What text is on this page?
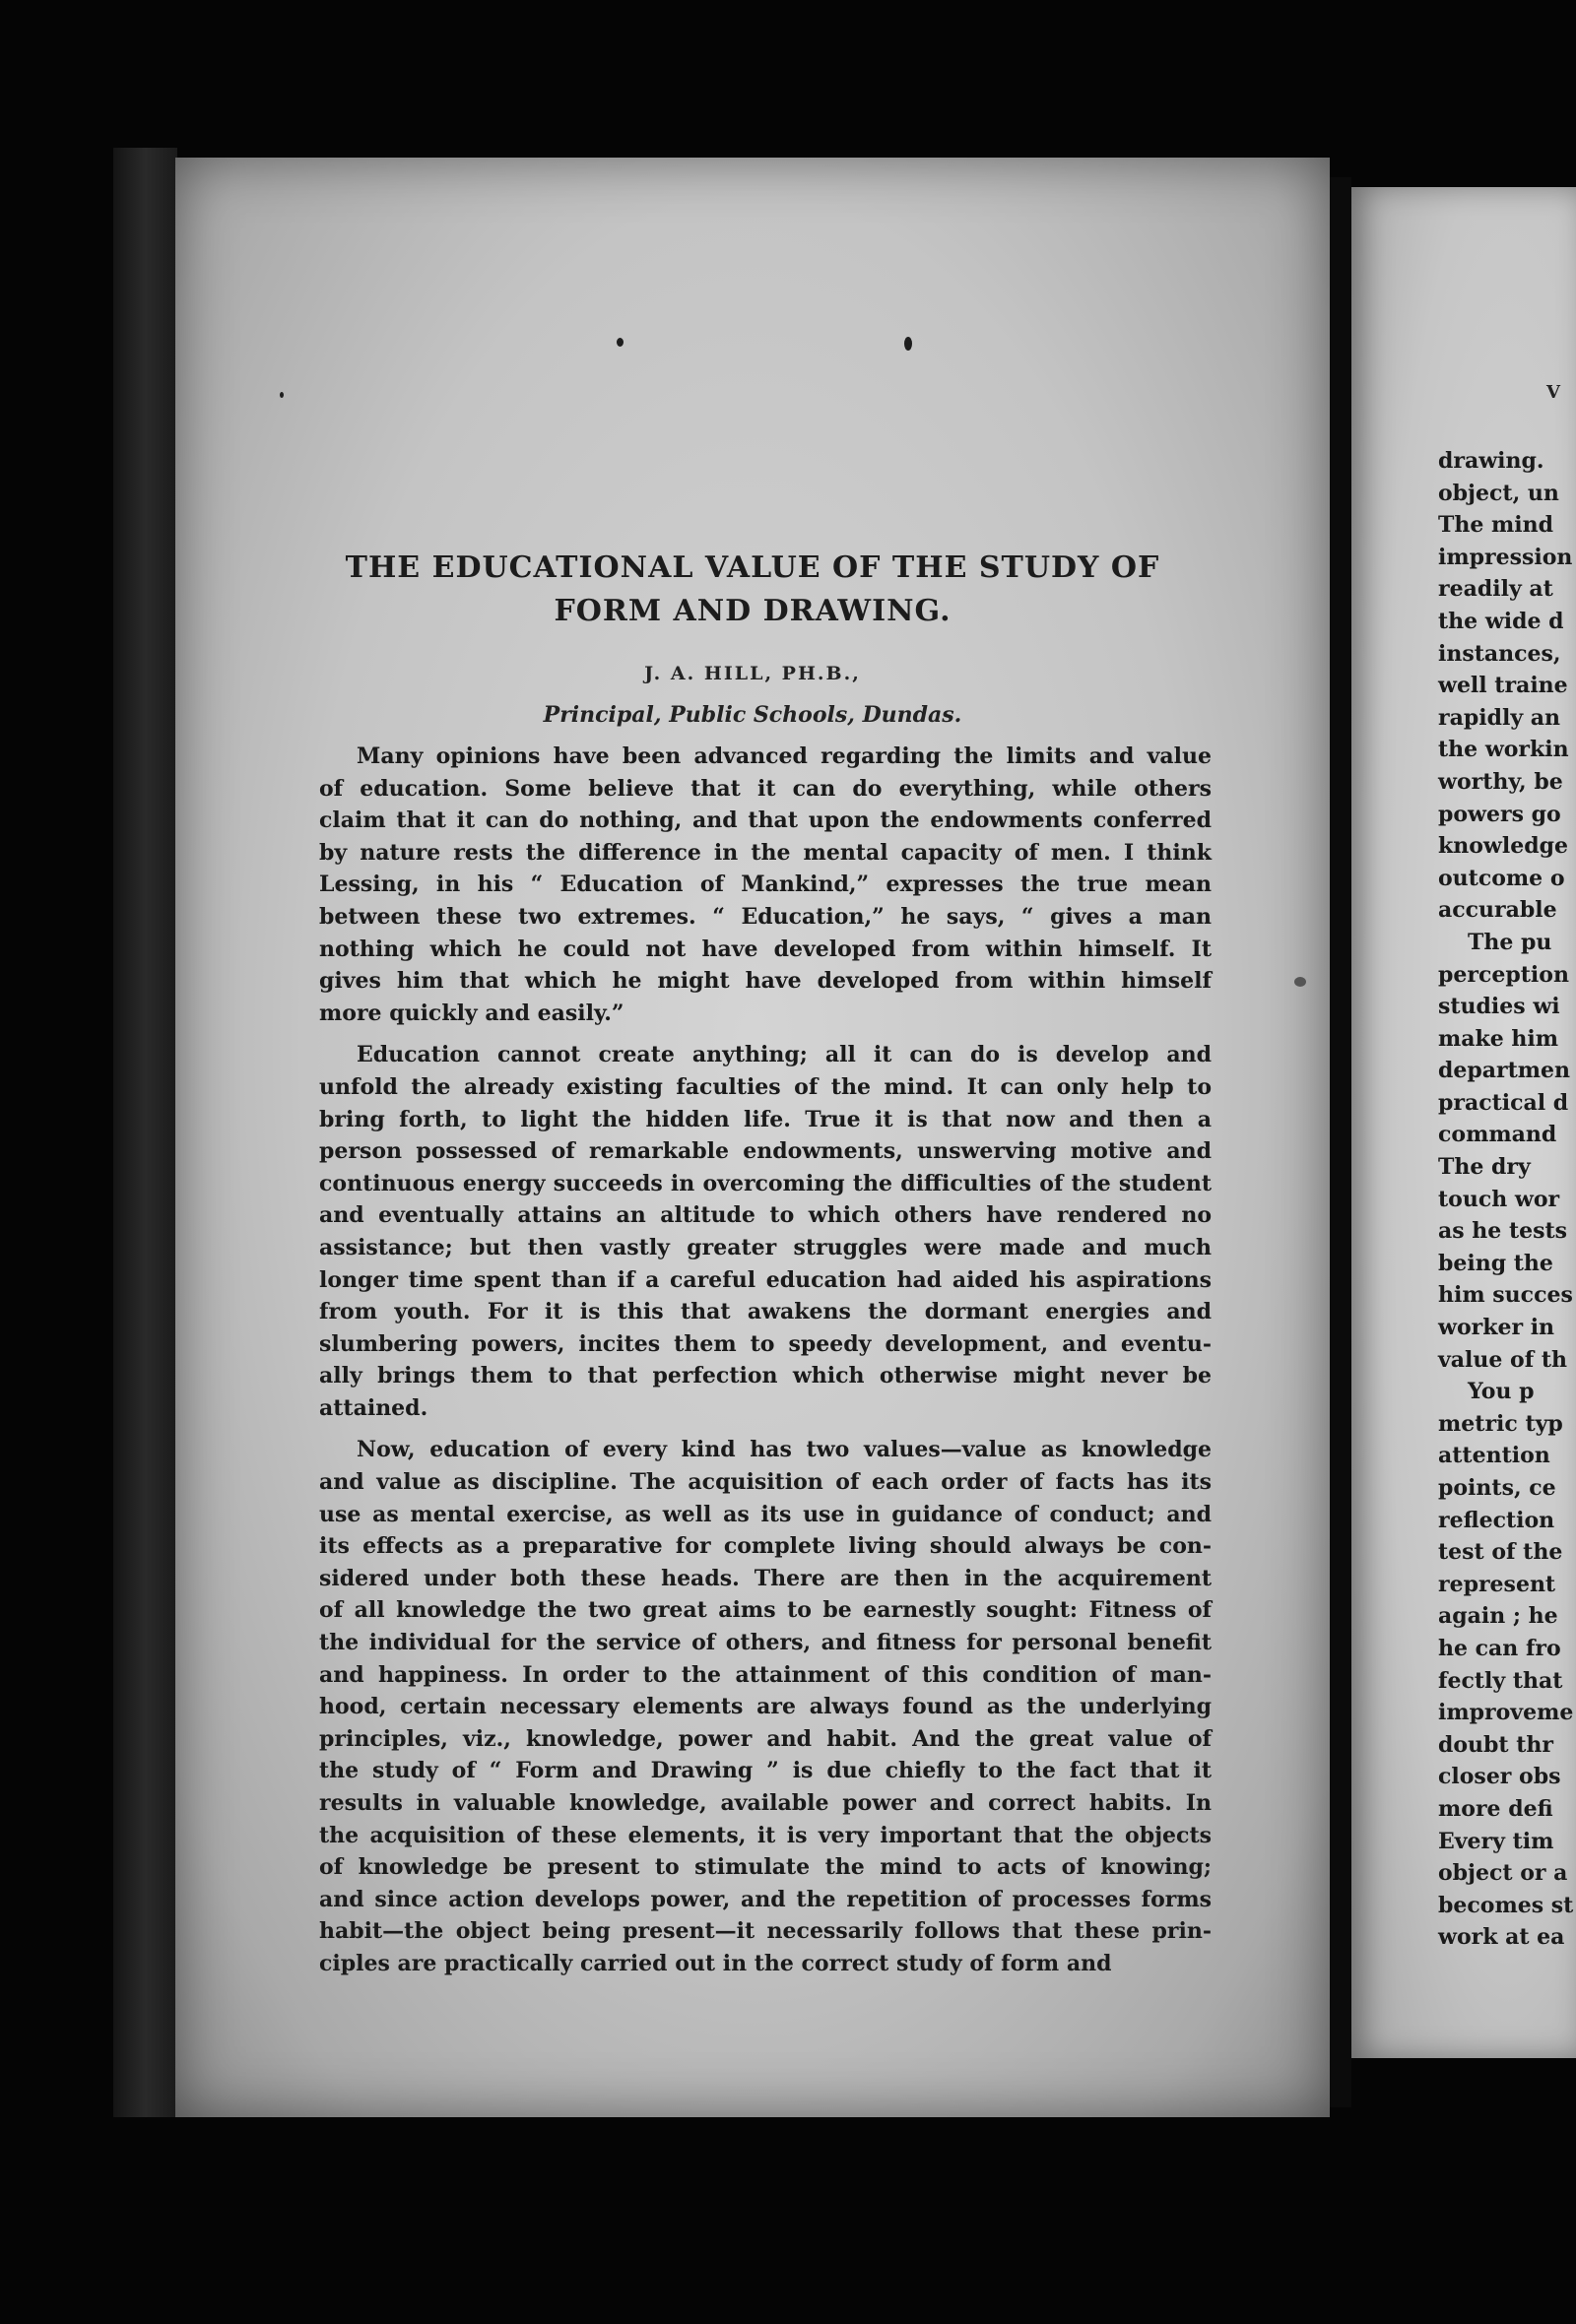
THE EDUCATIONAL VALUE OF THE STUDY OF
FORM AND DRAWING.
J. A. HILL, PH.B.,
Principal, Public Schools, Dundas.
Many opinions have been advanced regarding the limits and value
of education. Some believe that it can do everything, while others
claim that it can do nothing, and that upon the endowments conferred
by nature rests the difference in the mental capacity of men. I think
Lessing, in his “ Education of Mankind,” expresses the true mean
between these two extremes. “ Education,” he says, “ gives a man
nothing which he could not have developed from within himself. It
gives him that which he might have developed from within himself
more quickly and easily.”
Education cannot create anything; all it can do is develop and
unfold the already existing faculties of the mind. It can only help to
bring forth, to light the hidden life. True it is that now and then a
person possessed of remarkable endowments, unswerving motive and
continuous energy succeeds in overcoming the difficulties of the student
and eventually attains an altitude to which others have rendered no
assistance; but then vastly greater struggles were made and much
longer time spent than if a careful education had aided his aspirations
from youth. For it is this that awakens the dormant energies and
slumbering powers, incites them to speedy development, and eventu-
ally brings them to that perfection which otherwise might never be
attained.
Now, education of every kind has two values—value as knowledge
and value as discipline. The acquisition of each order of facts has its
use as mental exercise, as well as its use in guidance of conduct; and
its effects as a preparative for complete living should always be con-
sidered under both these heads. There are then in the acquirement
of all knowledge the two great aims to be earnestly sought: Fitness of
the individual for the service of others, and fitness for personal benefit
and happiness. In order to the attainment of this condition of man-
hood, certain necessary elements are always found as the underlying
principles, viz., knowledge, power and habit. And the great value of
the study of “ Form and Drawing ” is due chiefly to the fact that it
results in valuable knowledge, available power and correct habits. In
the acquisition of these elements, it is very important that the objects
of knowledge be present to stimulate the mind to acts of knowing;
and since action develops power, and the repetition of processes forms
habit—the object being present—it necessarily follows that these prin-
ciples are practically carried out in the correct study of form and
V
drawing.
object, un
The mind
impression
readily at
the wide d
instances,
well traine
rapidly an
the workin
worthy, be
powers go
knowledge
outcome o
accurable
The pu
perception
studies wi
make him
departmen
practical d
command
The dry
touch wor
as he tests
being the
him succes
worker in
value of th
You p
metric typ
attention
points, ce
reflection
test of the
represent
again ; he
he can fro
fectly that
improveme
doubt thr
closer obs
more defi
Every tim
object or a
becomes st
work at ea
